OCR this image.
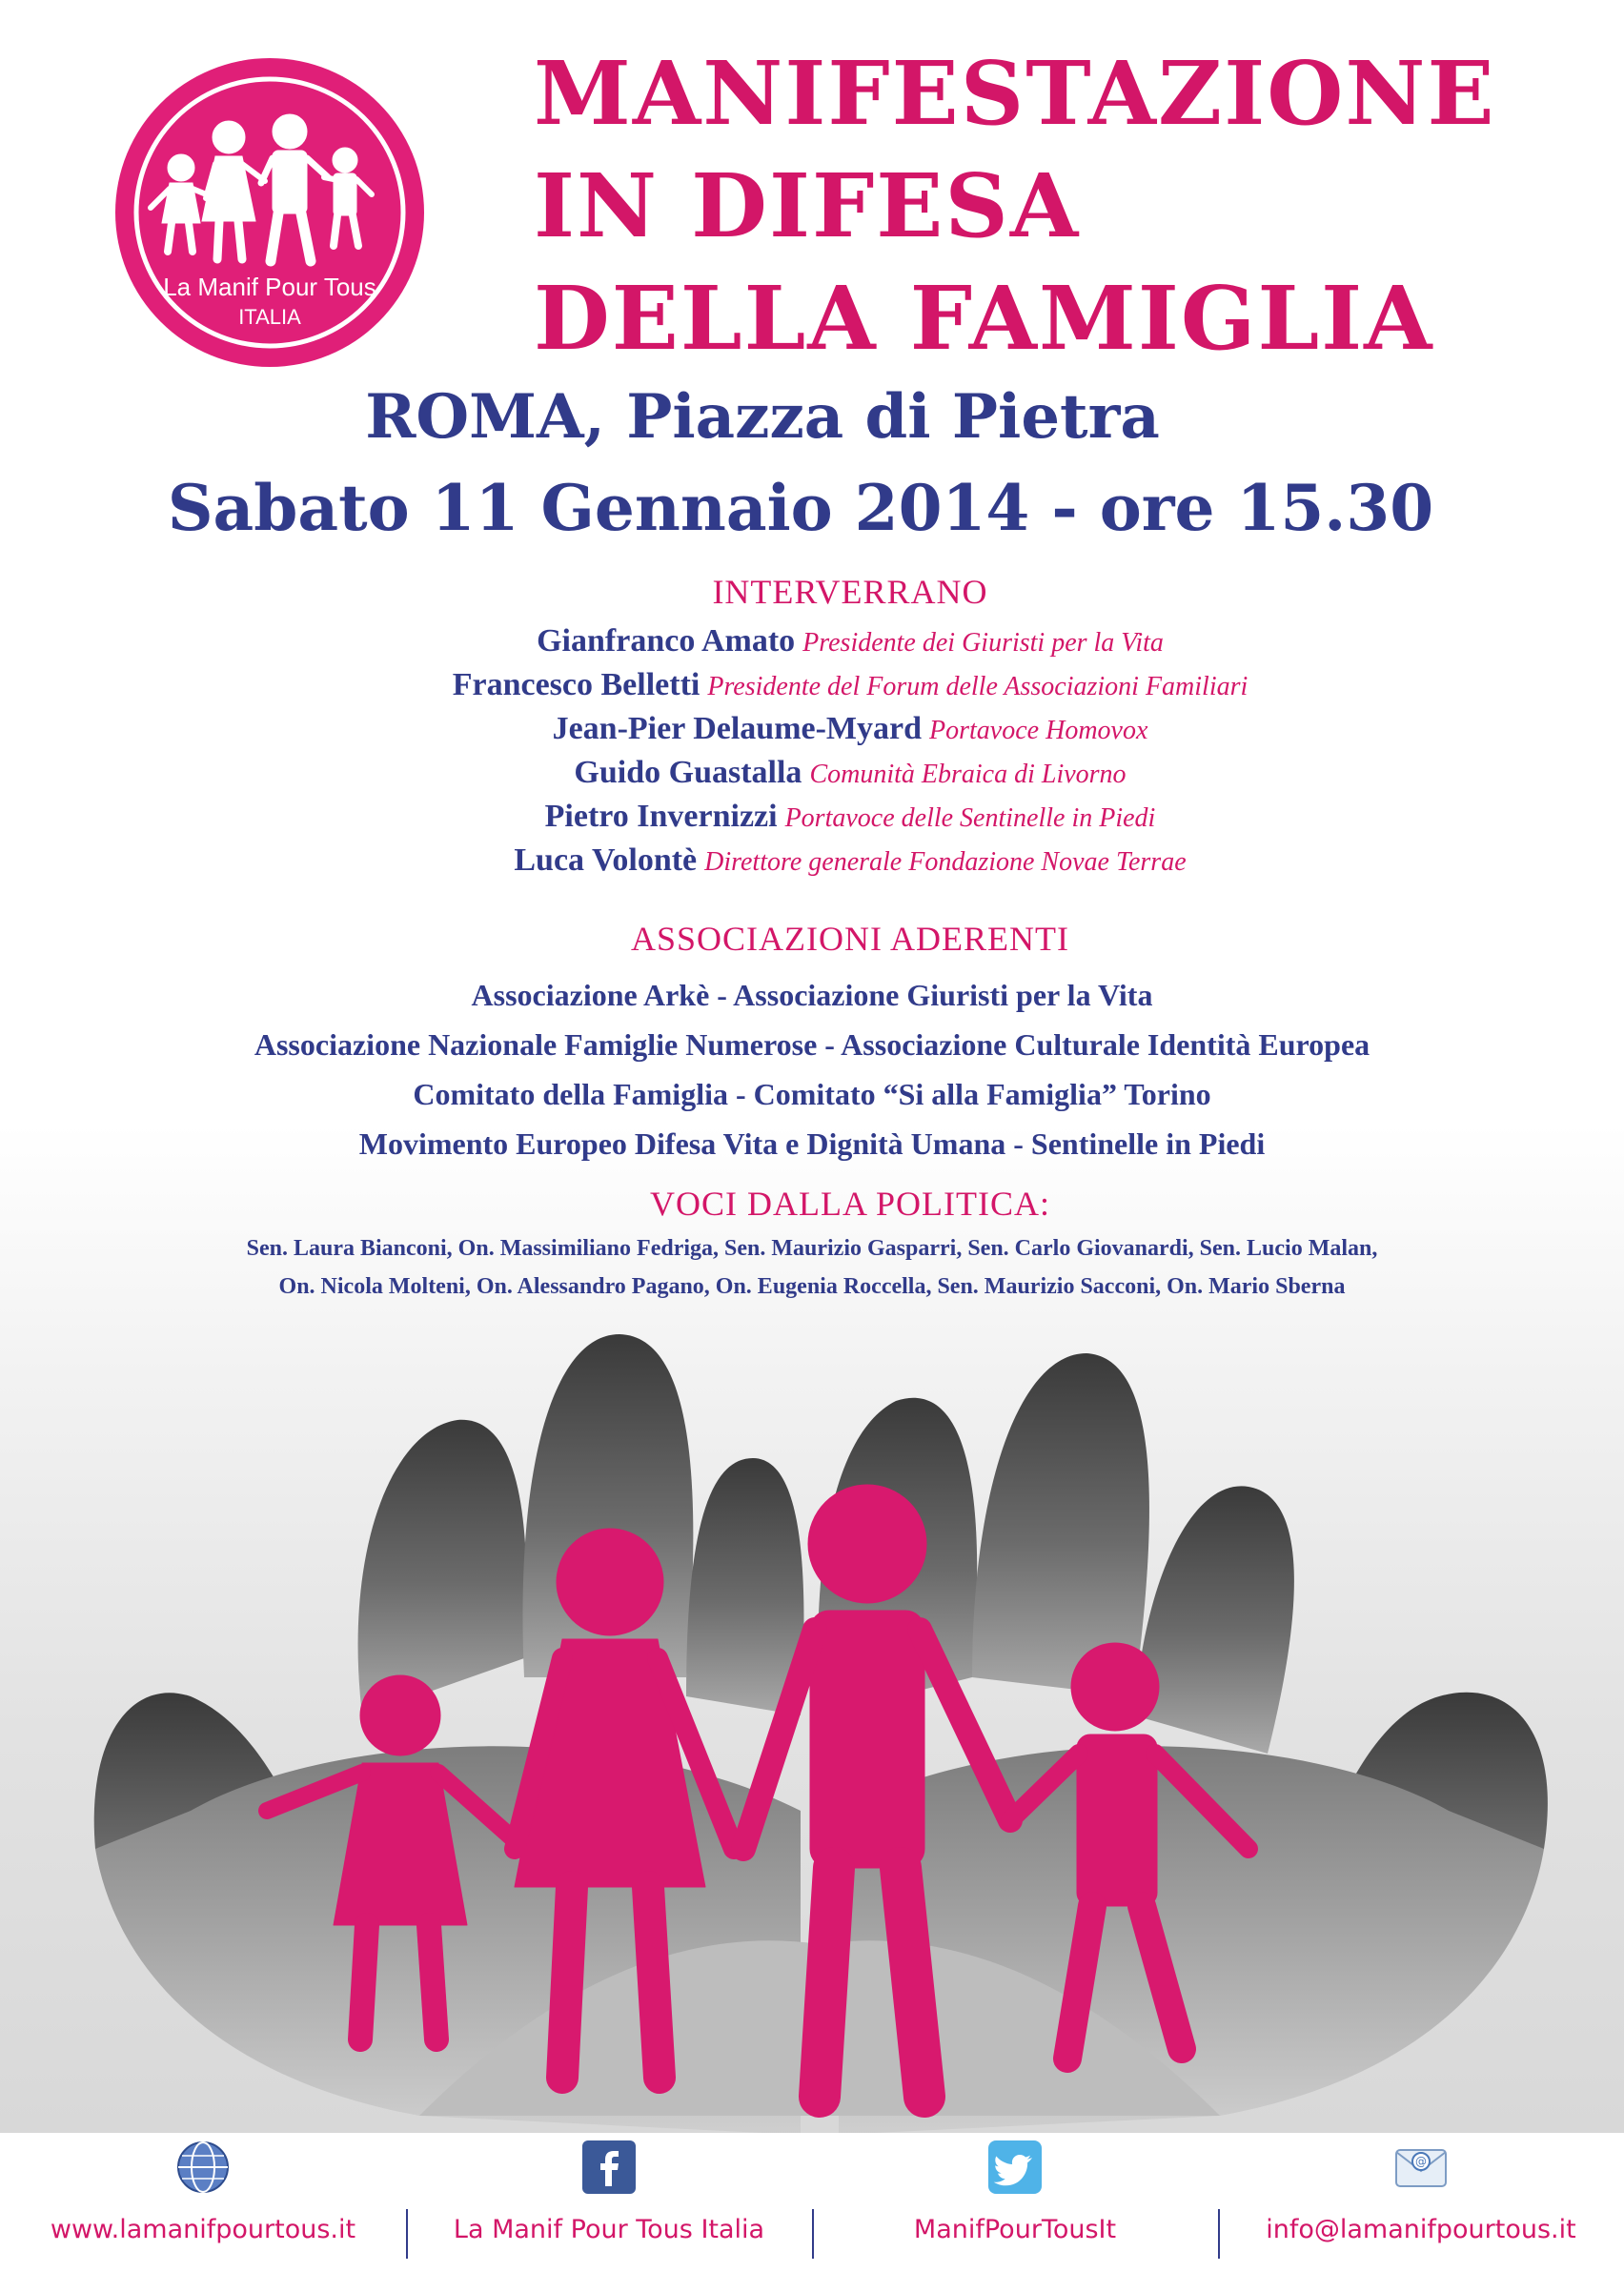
La Manif Pour Tous
ITALIA
MANIFESTAZIONE
IN DIFESA
DELLA FAMIGLIA
ROMA, Piazza di Pietra
Sabato 11 Gennaio 2014 - ore 15.30
INTERVERRANO
Gianfranco Amato Presidente dei Giuristi per la Vita
Francesco Belletti Presidente del Forum delle Associazioni Familiari
Jean-Pier Delaume-Myard Portavoce Homovox
Guido Guastalla Comunità Ebraica di Livorno
Pietro Invernizzi Portavoce delle Sentinelle in Piedi
Luca Volontè Direttore generale Fondazione Novae Terrae
ASSOCIAZIONI ADERENTI
Associazione Arkè - Associazione Giuristi per la Vita
Associazione Nazionale Famiglie Numerose - Associazione Culturale Identità Europea
Comitato della Famiglia - Comitato “Si alla Famiglia” Torino
Movimento Europeo Difesa Vita e Dignità Umana - Sentinelle in Piedi
VOCI DALLA POLITICA:
Sen. Laura Bianconi, On. Massimiliano Fedriga, Sen. Maurizio Gasparri, Sen. Carlo Giovanardi, Sen. Lucio Malan,
On. Nicola Molteni, On. Alessandro Pagano, On. Eugenia Roccella, Sen. Maurizio Sacconi, On. Mario Sberna
www.lamanifpourtous.it	La Manif Pour Tous Italia	ManifPourTousIt
@
info@lamanifpourtous.it
